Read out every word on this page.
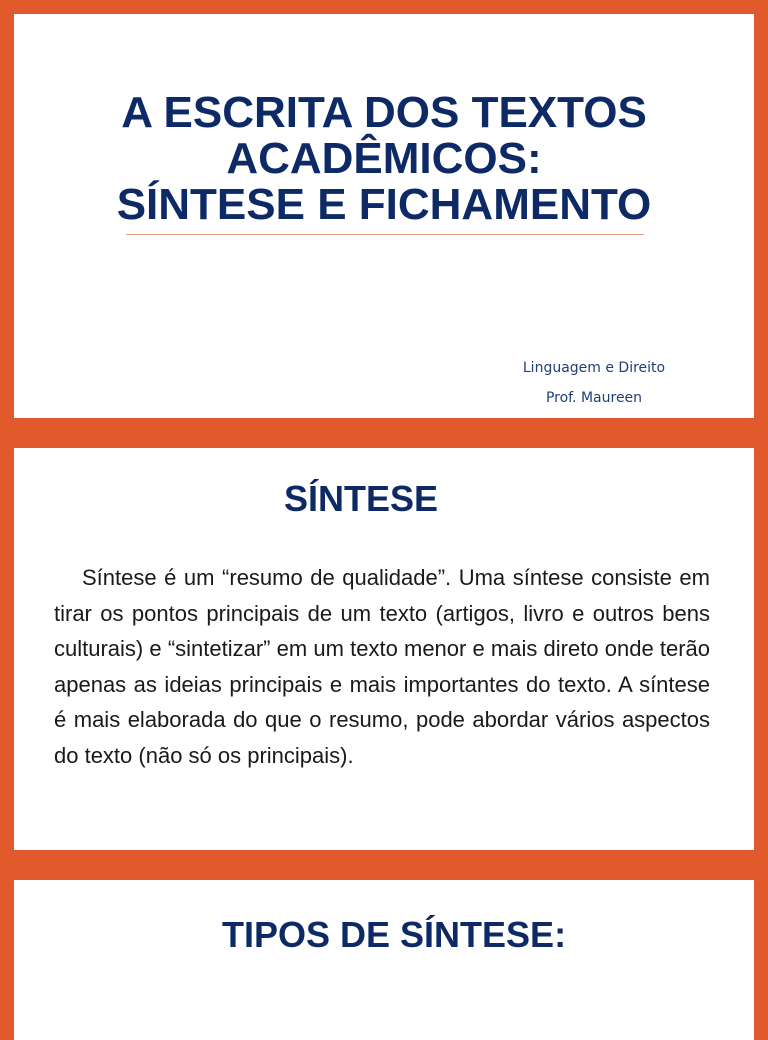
A ESCRITA DOS TEXTOS
ACADÊMICOS:
SÍNTESE E FICHAMENTO
Linguagem e Direito
Prof. Maureen
SÍNTESE

Síntese é um “resumo de qualidade”. Uma síntese consiste em tirar os pontos principais de um texto (artigos, livro e outros bens culturais) e “sintetizar” em um texto menor e mais direto onde terão apenas as ideias principais e mais importantes do texto. A síntese é mais elaborada do que o resumo, pode abordar vários aspectos do texto (não só os principais).

TIPOS DE SÍNTESE:
